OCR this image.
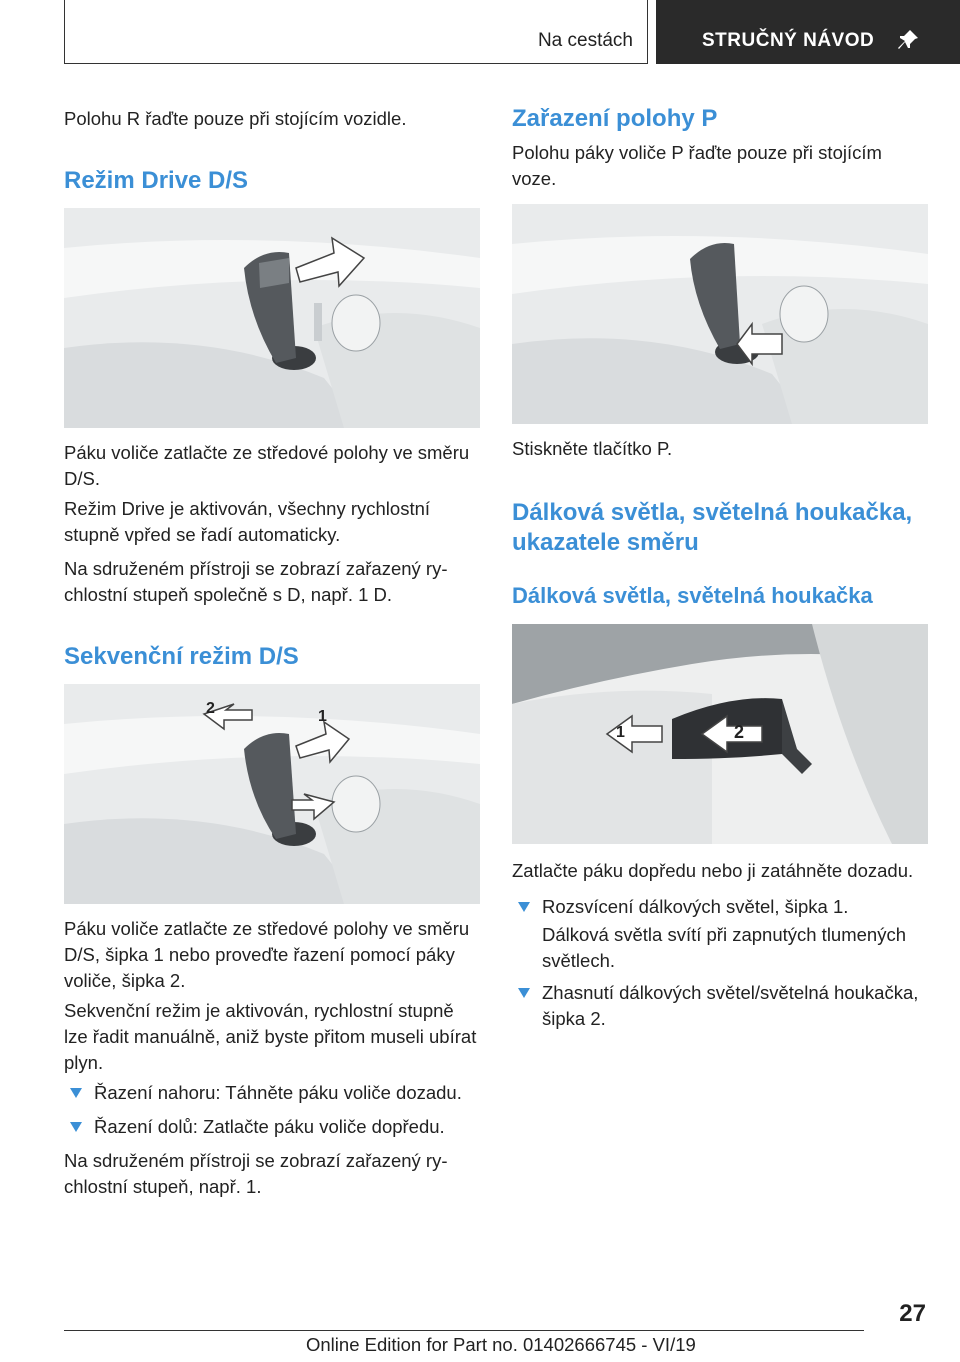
Na cestách	STRUČNÝ NÁVOD
Polohu R řaďte pouze při stojícím vozidle.
Režim Drive D/S
Páku voliče zatlačte ze středové polohy ve směru D/S.
Režim Drive je aktivován, všechny rychlostní stupně vpřed se řadí automaticky.
Na sdruženém přístroji se zobrazí zařazený rychlostní stupeň společně s D, např. 1 D.
Sekvenční režim D/S
1
2
Páku voliče zatlačte ze středové polohy ve směru D/S, šipka 1 nebo proveďte řazení pomocí páky voliče, šipka 2.
Sekvenční režim je aktivován, rychlostní stupně lze řadit manuálně, aniž byste přitom museli ubírat plyn.
Řazení nahoru: Táhněte páku voliče dozadu.
Řazení dolů: Zatlačte páku voliče dopředu.
Na sdruženém přístroji se zobrazí zařazený rychlostní stupeň, např. 1.
Zařazení polohy P
Polohu páky voliče P řaďte pouze při stojícím voze.
Stiskněte tlačítko P.
Dálková světla, světelná houkačka, ukazatele směru
Dálková světla, světelná houkačka
1	2
Zatlačte páku dopředu nebo ji zatáhněte dozadu.
Rozsvícení dálkových světel, šipka 1.
Dálková světla svítí při zapnutých tlumených světlech.
Zhasnutí dálkových světel/světelná houkačka, šipka 2.
27
Online Edition for Part no. 01402666745 - VI/19
